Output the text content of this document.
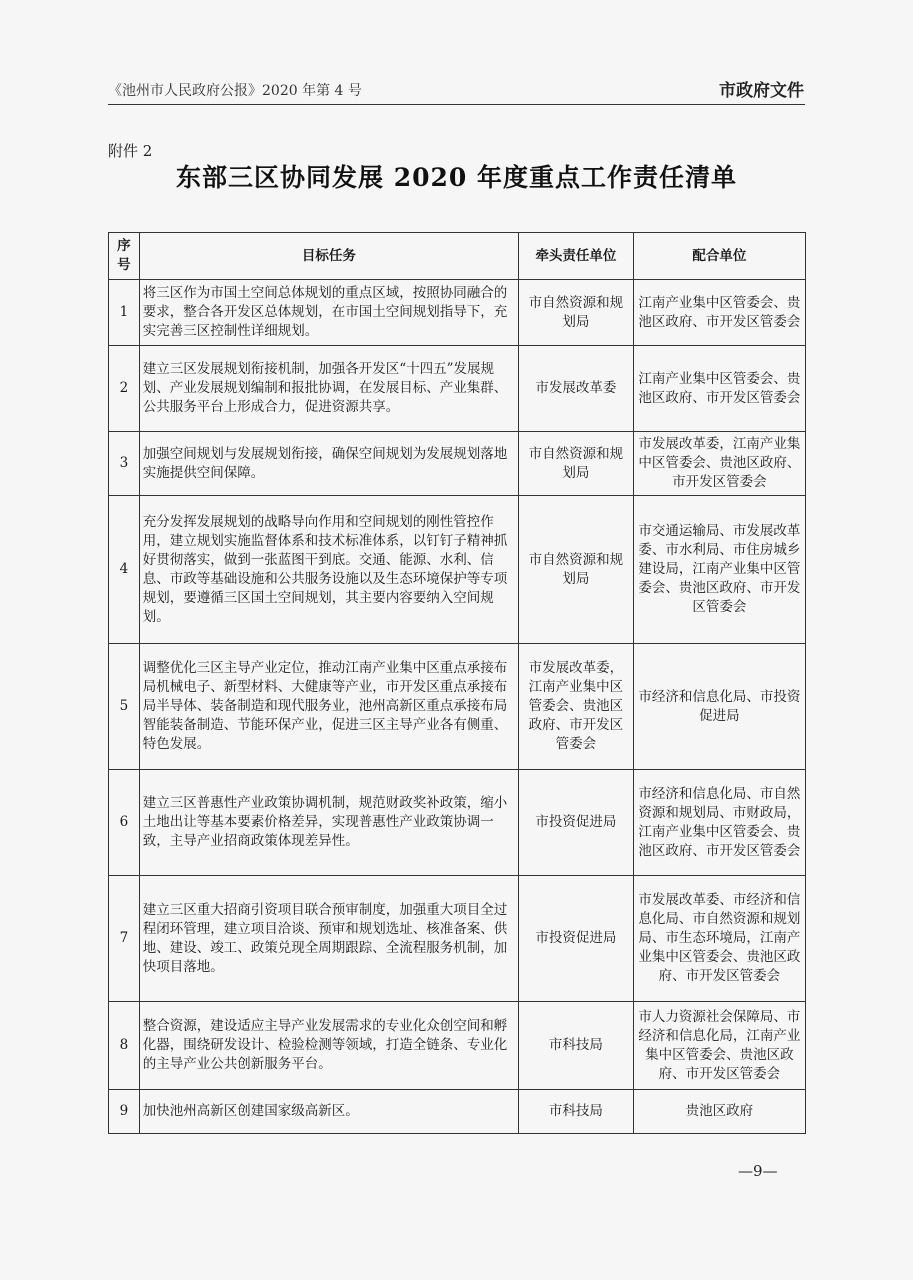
《池州市人民政府公报》2020 年第 4 号	市政府文件
附件 2
东部三区协同发展 2020 年度重点工作责任清单
序号	目标任务	牵头责任单位	配合单位
1	将三区作为市国土空间总体规划的重点区域，按照协同融合的要求，整合各开发区总体规划，在市国土空间规划指导下，充实完善三区控制性详细规划。	市自然资源和规划局	江南产业集中区管委会、贵池区政府、市开发区管委会
2	建立三区发展规划衔接机制，加强各开发区“十四五”发展规划、产业发展规划编制和报批协调，在发展目标、产业集群、公共服务平台上形成合力，促进资源共享。	市发展改革委	江南产业集中区管委会、贵池区政府、市开发区管委会
3	加强空间规划与发展规划衔接，确保空间规划为发展规划落地实施提供空间保障。	市自然资源和规划局	市发展改革委，江南产业集中区管委会、贵池区政府、市开发区管委会
4	充分发挥发展规划的战略导向作用和空间规划的刚性管控作用，建立规划实施监督体系和技术标准体系，以钉钉子精神抓好贯彻落实，做到一张蓝图干到底。交通、能源、水利、信息、市政等基础设施和公共服务设施以及生态环境保护等专项规划，要遵循三区国土空间规划，其主要内容要纳入空间规划。	市自然资源和规划局	市交通运输局、市发展改革委、市水利局、市住房城乡建设局，江南产业集中区管委会、贵池区政府、市开发区管委会
5	调整优化三区主导产业定位，推动江南产业集中区重点承接布局机械电子、新型材料、大健康等产业，市开发区重点承接布局半导体、装备制造和现代服务业，池州高新区重点承接布局智能装备制造、节能环保产业，促进三区主导产业各有侧重、特色发展。	市发展改革委，江南产业集中区管委会、贵池区政府、市开发区管委会	市经济和信息化局、市投资促进局
6	建立三区普惠性产业政策协调机制，规范财政奖补政策，缩小土地出让等基本要素价格差异，实现普惠性产业政策协调一致，主导产业招商政策体现差异性。	市投资促进局	市经济和信息化局、市自然资源和规划局、市财政局，江南产业集中区管委会、贵池区政府、市开发区管委会
7	建立三区重大招商引资项目联合预审制度，加强重大项目全过程闭环管理，建立项目洽谈、预审和规划选址、核准备案、供地、建设、竣工、政策兑现全周期跟踪、全流程服务机制，加快项目落地。	市投资促进局	市发展改革委、市经济和信息化局、市自然资源和规划局、市生态环境局，江南产业集中区管委会、贵池区政府、市开发区管委会
8	整合资源，建设适应主导产业发展需求的专业化众创空间和孵化器，围绕研发设计、检验检测等领域，打造全链条、专业化的主导产业公共创新服务平台。	市科技局	市人力资源社会保障局、市经济和信息化局，江南产业集中区管委会、贵池区政府、市开发区管委会
9	加快池州高新区创建国家级高新区。	市科技局	贵池区政府
—9—
